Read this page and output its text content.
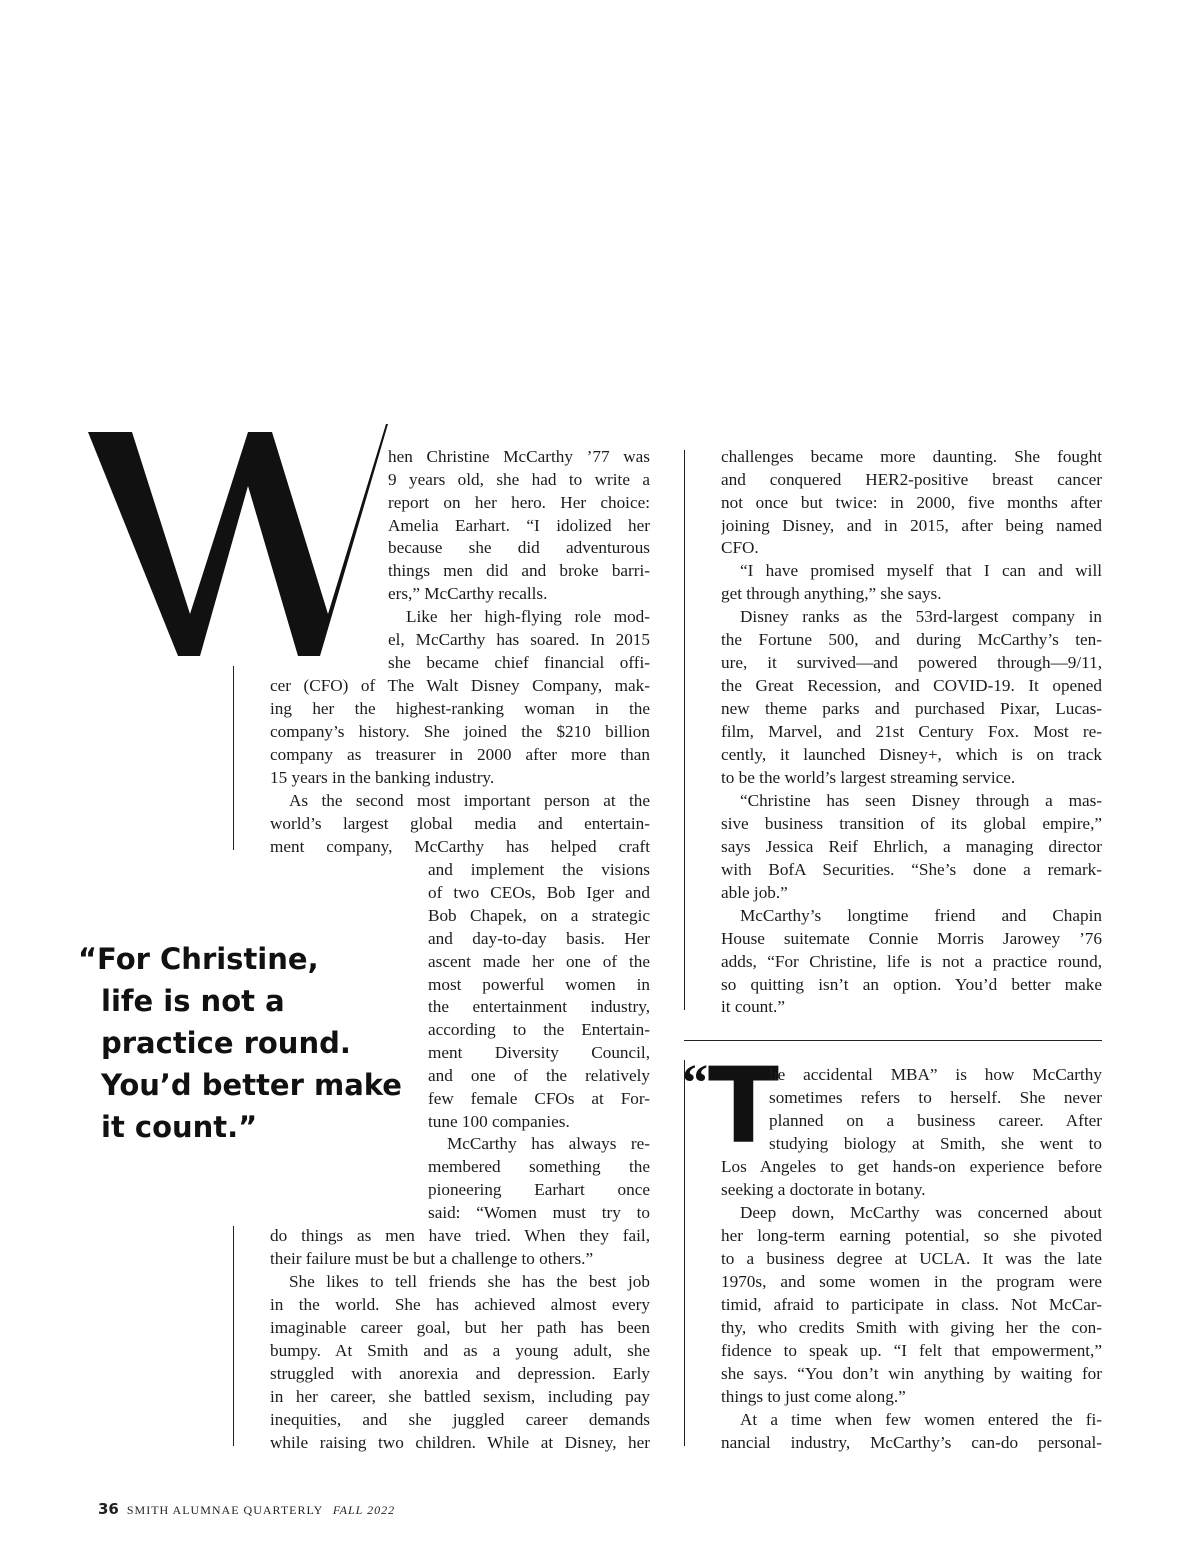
hen Christine McCarthy ’77 was
9 years old, she had to write a
report on her hero. Her choice:
Amelia Earhart. “I idolized her
because she did adventurous
things men did and broke barri-
ers,” McCarthy recalls.
Like her high-flying role mod-
el, McCarthy has soared. In 2015
she became chief financial offi-
cer (CFO) of The Walt Disney Company, mak-
ing her the highest-ranking woman in the
company’s history. She joined the $210 billion
company as treasurer in 2000 after more than
15 years in the banking industry.
As the second most important person at the
world’s largest global media and entertain-
ment company, McCarthy has helped craft
and implement the visions
of two CEOs, Bob Iger and
Bob Chapek, on a strategic
and day-to-day basis. Her
ascent made her one of the
most powerful women in
the entertainment industry,
according to the Entertain-
ment Diversity Council,
and one of the relatively
few female CFOs at For-
tune 100 companies.
McCarthy has always re-
membered something the
pioneering Earhart once
said: “Women must try to
do things as men have tried. When they fail,
their failure must be but a challenge to others.”
She likes to tell friends she has the best job
in the world. She has achieved almost every
imaginable career goal, but her path has been
bumpy. At Smith and as a young adult, she
struggled with anorexia and depression. Early
in her career, she battled sexism, including pay
inequities, and she juggled career demands
while raising two children. While at Disney, her
“For Christine,
life is not a
practice round.
You’d better make
it count.”
challenges became more daunting. She fought
and conquered HER2-positive breast cancer
not once but twice: in 2000, five months after
joining Disney, and in 2015, after being named
CFO.
“I have promised myself that I can and will
get through anything,” she says.
Disney ranks as the 53rd-largest company in
the Fortune 500, and during McCarthy’s ten-
ure, it survived—and powered through—9/11,
the Great Recession, and COVID-19. It opened
new theme parks and purchased Pixar, Lucas-
film, Marvel, and 21st Century Fox. Most re-
cently, it launched Disney+, which is on track
to be the world’s largest streaming service.
“Christine has seen Disney through a mas-
sive business transition of its global empire,”
says Jessica Reif Ehrlich, a managing director
with BofA Securities. “She’s done a remark-
able job.”
McCarthy’s longtime friend and Chapin
House suitemate Connie Morris Jarowey ’76
adds, “For Christine, life is not a practice round,
so quitting isn’t an option. You’d better make
it count.”
“ T
he accidental MBA” is how McCarthy
sometimes refers to herself. She never
planned on a business career. After
studying biology at Smith, she went to
Los Angeles to get hands-on experience before
seeking a doctorate in botany.
Deep down, McCarthy was concerned about
her long-term earning potential, so she pivoted
to a business degree at UCLA. It was the late
1970s, and some women in the program were
timid, afraid to participate in class. Not McCar-
thy, who credits Smith with giving her the con-
fidence to speak up. “I felt that empowerment,”
she says. “You don’t win anything by waiting for
things to just come along.”
At a time when few women entered the fi-
nancial industry, McCarthy’s can-do personal-
36 SMITH ALUMNAE QUARTERLY FALL 2022
